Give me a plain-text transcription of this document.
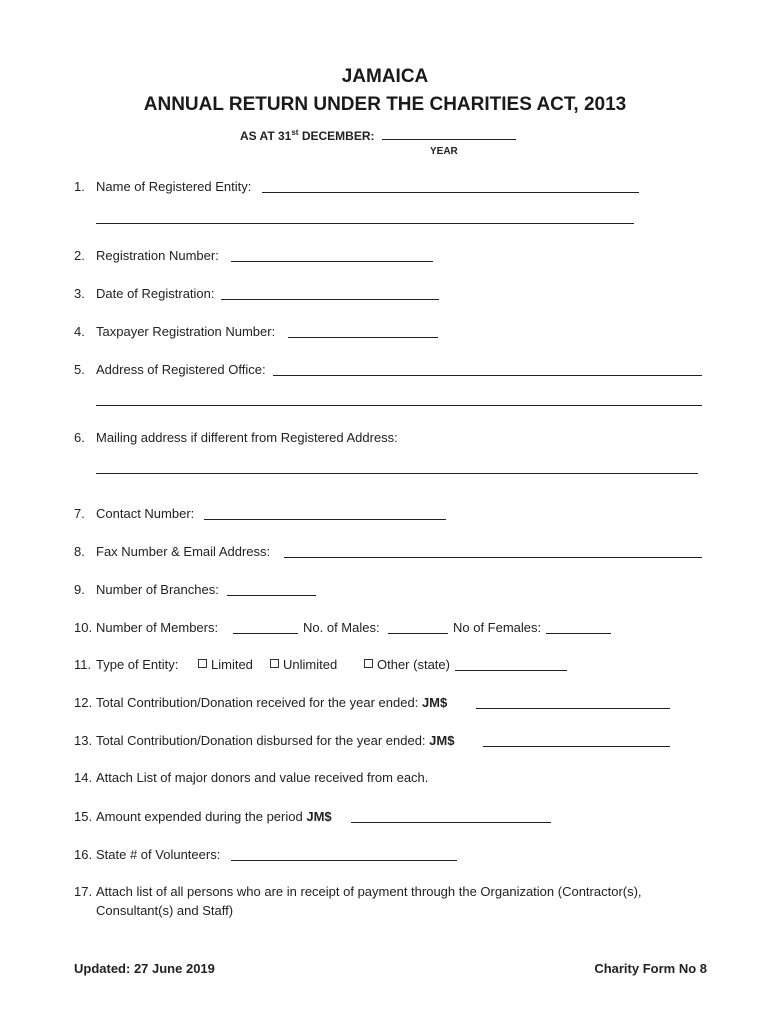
JAMAICA
ANNUAL RETURN UNDER THE CHARITIES ACT, 2013
AS AT 31st DECEMBER:
YEAR
1. Name of Registered Entity:
2. Registration Number:
3. Date of Registration:
4. Taxpayer Registration Number:
5. Address of Registered Office:
6. Mailing address if different from Registered Address:
7. Contact Number:
8. Fax Number & Email Address:
9. Number of Branches:
10. Number of Members:	No. of Males:	No of Females:
11. Type of Entity:	Limited	Unlimited	Other (state)
12. Total Contribution/Donation received for the year ended: JM$
13. Total Contribution/Donation disbursed for the year ended: JM$
14. Attach List of major donors and value received from each.
15. Amount expended during the period JM$
16. State # of Volunteers:
17. Attach list of all persons who are in receipt of payment through the Organization (Contractor(s),
Consultant(s) and Staff)
Updated: 27 June 2019	Charity Form No 8
